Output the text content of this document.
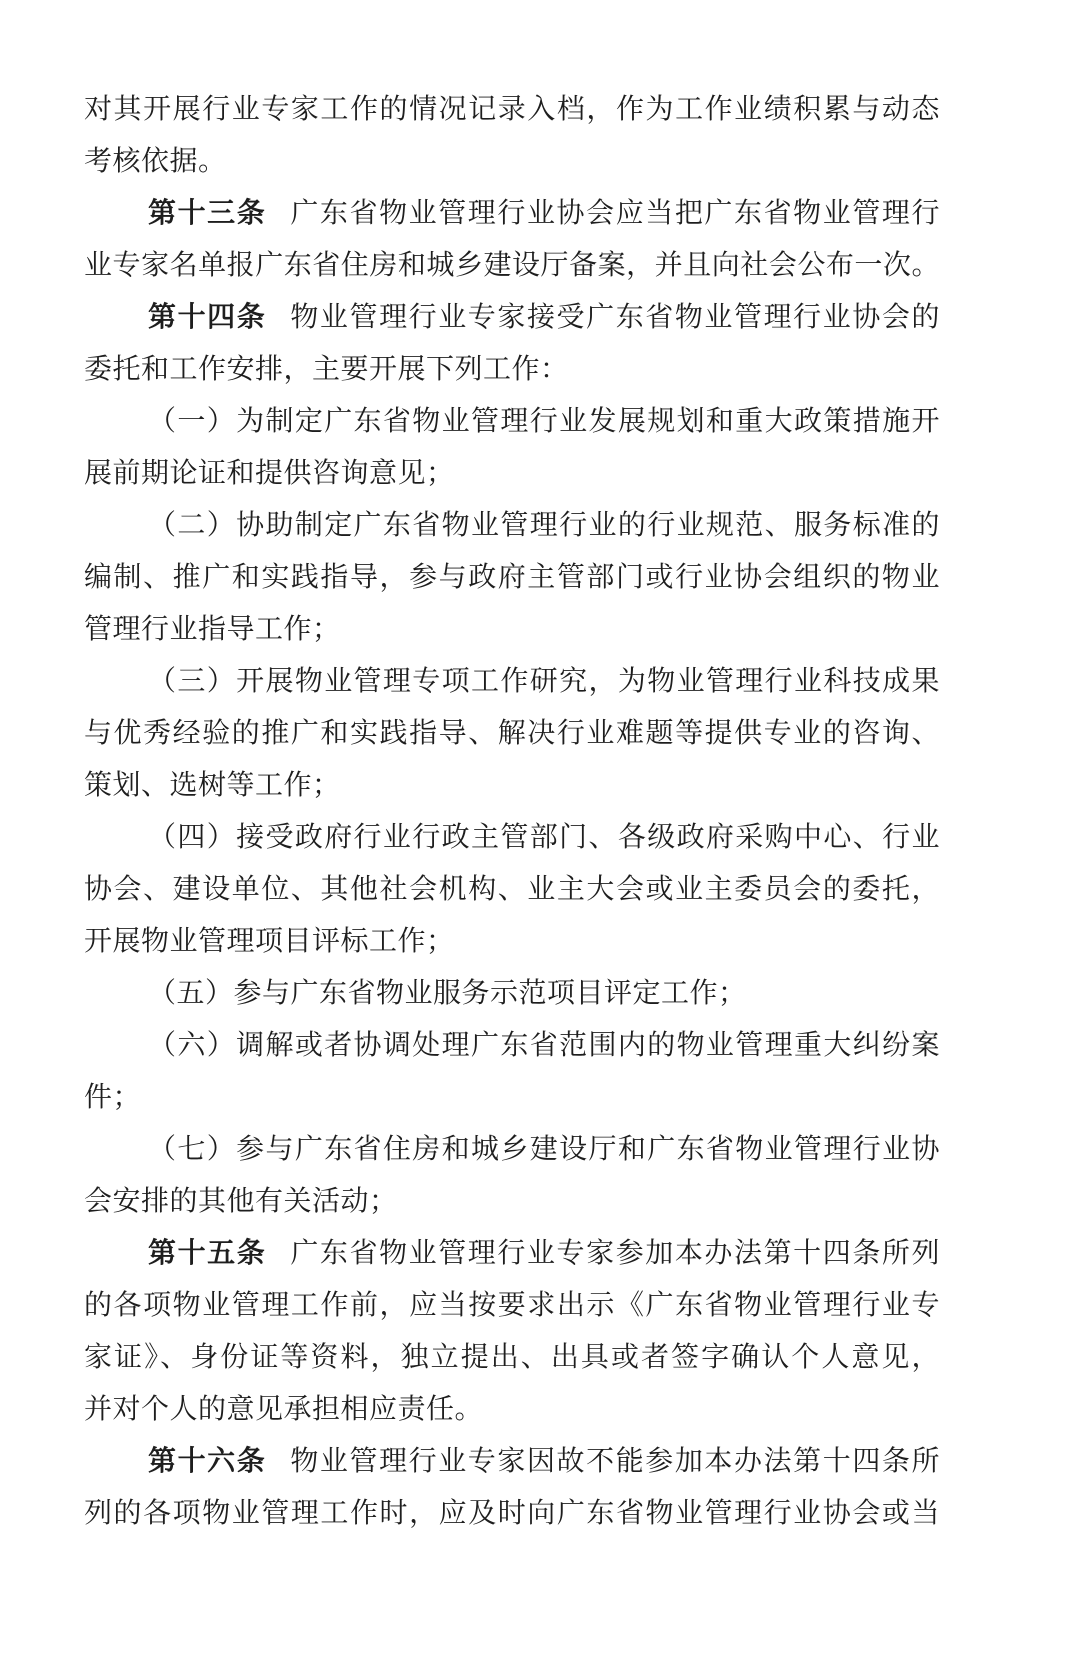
对其开展行业专家工作的情况记录入档，作为工作业绩积累与动态
考核依据。
第十三条 广东省物业管理行业协会应当把广东省物业管理行
业专家名单报广东省住房和城乡建设厅备案，并且向社会公布一次。
第十四条 物业管理行业专家接受广东省物业管理行业协会的
委托和工作安排，主要开展下列工作：
（一）为制定广东省物业管理行业发展规划和重大政策措施开
展前期论证和提供咨询意见；
（二）协助制定广东省物业管理行业的行业规范、服务标准的
编制、推广和实践指导，参与政府主管部门或行业协会组织的物业
管理行业指导工作；
（三）开展物业管理专项工作研究，为物业管理行业科技成果
与优秀经验的推广和实践指导、解决行业难题等提供专业的咨询、
策划、选树等工作；
（四）接受政府行业行政主管部门、各级政府采购中心、行业
协会、建设单位、其他社会机构、业主大会或业主委员会的委托，
开展物业管理项目评标工作；
（五）参与广东省物业服务示范项目评定工作；
（六）调解或者协调处理广东省范围内的物业管理重大纠纷案
件；
（七）参与广东省住房和城乡建设厅和广东省物业管理行业协
会安排的其他有关活动；
第十五条 广东省物业管理行业专家参加本办法第十四条所列
的各项物业管理工作前，应当按要求出示《广东省物业管理行业专
家证》、身份证等资料，独立提出、出具或者签字确认个人意见，
并对个人的意见承担相应责任。
第十六条 物业管理行业专家因故不能参加本办法第十四条所
列的各项物业管理工作时，应及时向广东省物业管理行业协会或当
